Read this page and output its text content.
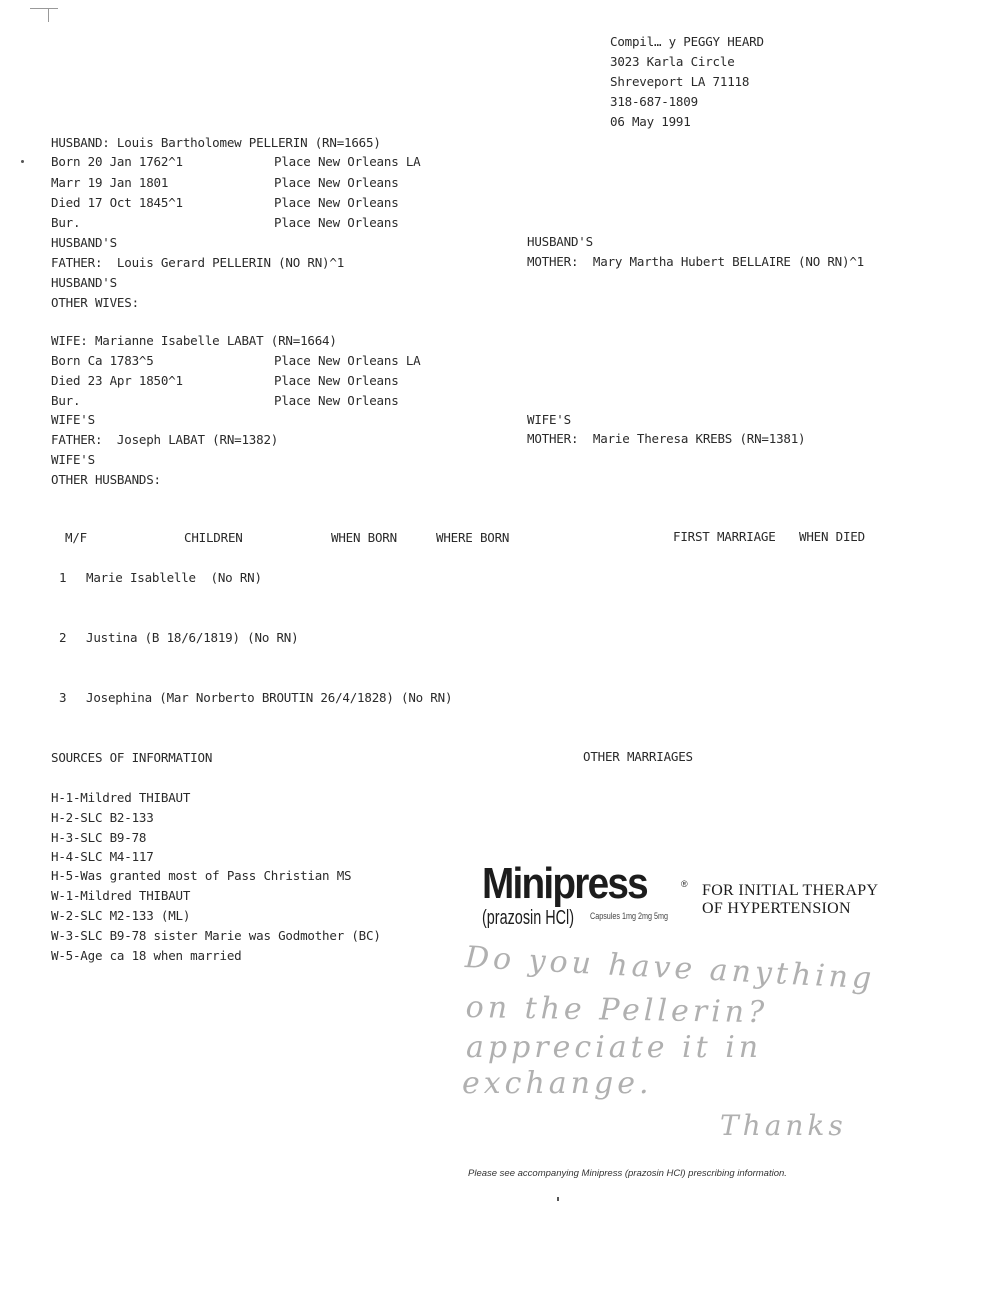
Compil… y PEGGY HEARD
3023 Karla Circle
Shreveport LA 71118
318-687-1809
06 May 1991
HUSBAND: Louis Bartholomew PELLERIN (RN=1665)
Born 20 Jan 1762^1	Place New Orleans LA
Marr 19 Jan 1801	Place New Orleans
Died 17 Oct 1845^1	Place New Orleans
Bur.	Place New Orleans
HUSBAND'S
FATHER:  Louis Gerard PELLERIN (NO RN)^1
HUSBAND'S
MOTHER:  Mary Martha Hubert BELLAIRE (NO RN)^1
HUSBAND'S
OTHER WIVES:
WIFE: Marianne Isabelle LABAT (RN=1664)
Born Ca 1783^5	Place New Orleans LA
Died 23 Apr 1850^1	Place New Orleans
Bur.	Place New Orleans
WIFE'S
FATHER:  Joseph LABAT (RN=1382)
WIFE'S
MOTHER:  Marie Theresa KREBS (RN=1381)
WIFE'S
OTHER HUSBANDS:
M/F	CHILDREN	WHEN BORN	WHERE BORN	FIRST MARRIAGE WHEN DIED
1 Marie Isablelle  (No RN)
2 Justina (B 18/6/1819) (No RN)
3 Josephina (Mar Norberto BROUTIN 26/4/1828) (No RN)
SOURCES OF INFORMATION	OTHER MARRIAGES
H-1-Mildred THIBAUT
H-2-SLC B2-133
H-3-SLC B9-78
H-4-SLC M4-117
H-5-Was granted most of Pass Christian MS
W-1-Mildred THIBAUT
W-2-SLC M2-133 (ML)
W-3-SLC B9-78 sister Marie was Godmother (BC)
W-5-Age ca 18 when married
Minipress	®
(prazosin HCl) Capsules 1mg 2mg 5mg
FOR INITIAL THERAPY
OF HYPERTENSION
Do you have anything
on the Pellerin?
appreciate it in
exchange.
Thanks
Please see accompanying Minipress (prazosin HCl) prescribing information.
